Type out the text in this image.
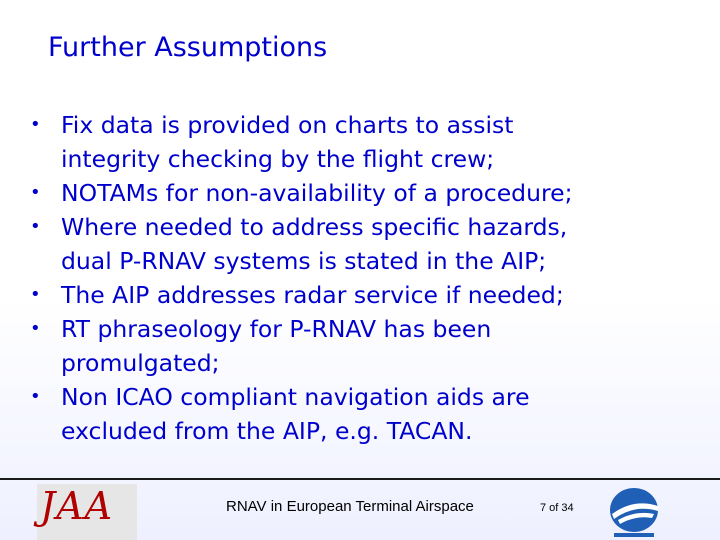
Further Assumptions
• Fix data is provided on charts to assist
integrity checking by the flight crew;
• NOTAMs for non-availability of a procedure;
• Where needed to address specific hazards,
dual P-RNAV systems is stated in the AIP;
• The AIP addresses radar service if needed;
• RT phraseology for P-RNAV has been
promulgated;
• Non ICAO compliant navigation aids are
excluded from the AIP, e.g. TACAN.
JAA	RNAV in European Terminal Airspace	7 of 34
